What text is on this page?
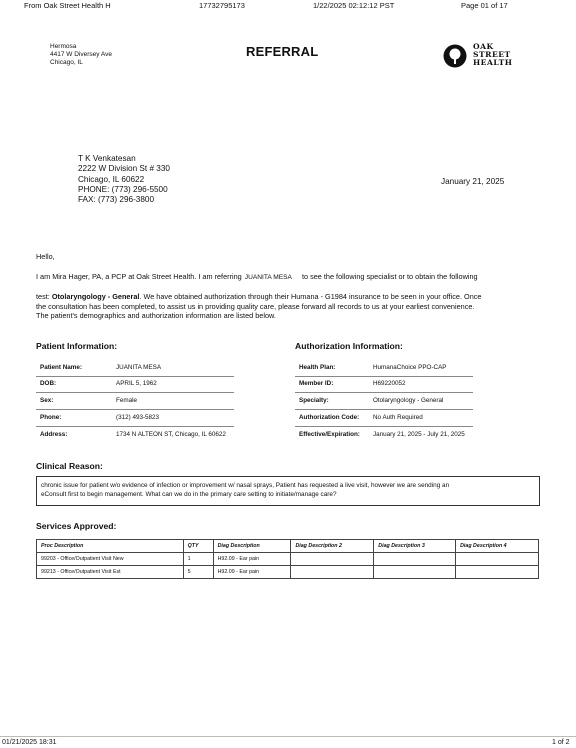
From Oak Street Health H	17732795173	1/22/2025 02:12:12 PST	Page 01 of 17
Hermosa
4417 W Diversey Ave
Chicago, IL
REFERRAL	OAK
STREET
HEALTH
T K Venkatesan
2222 W Division St # 330
Chicago, IL 60622
PHONE: (773) 296-5500
FAX: (773) 296-3800
January 21, 2025
Hello,
I am Mira Hager, PA, a PCP at Oak Street Health. I am referring JUANITA MESA to see the following specialist or to obtain the following
test: Otolaryngology - General. We have obtained authorization through their Humana - G1984 insurance to be seen in your office. Once
the consultation has been completed, to assist us in providing quality care, please forward all records to us at your earliest convenience.
The patient's demographics and authorization information are listed below.
Patient Information:
Patient Name:	JUANITA MESA
DOB:	APRIL 5, 1962
Sex:	Female
Phone:	(312) 493-5823
Address:	1734 N ALTEON ST, Chicago, IL 60622
Authorization Information:
Health Plan:	HumanaChoice PPO-CAP
Member ID:	H69220052
Specialty:	Otolaryngology - General
Authorization Code: No Auth Required
Effective/Expiration: January 21, 2025 - July 21, 2025
Clinical Reason:
chronic issue for patient w/o evidence of infection or improvement w/ nasal sprays, Patient has requested a live visit, however we are sending an
eConsult first to begin management. What can we do in the primary care setting to initiate/manage care?
Services Approved:
Proc Description	QTY	Diag Description	Diag Description 2	Diag Description 3	Diag Description 4
99203 - Office/Outpatient Visit New	1	H92.09 - Ear pain			
99213 - Office/Outpatient Visit Est	5	H92.09 - Ear pain			
01/21/2025 18:31	1 of 2
